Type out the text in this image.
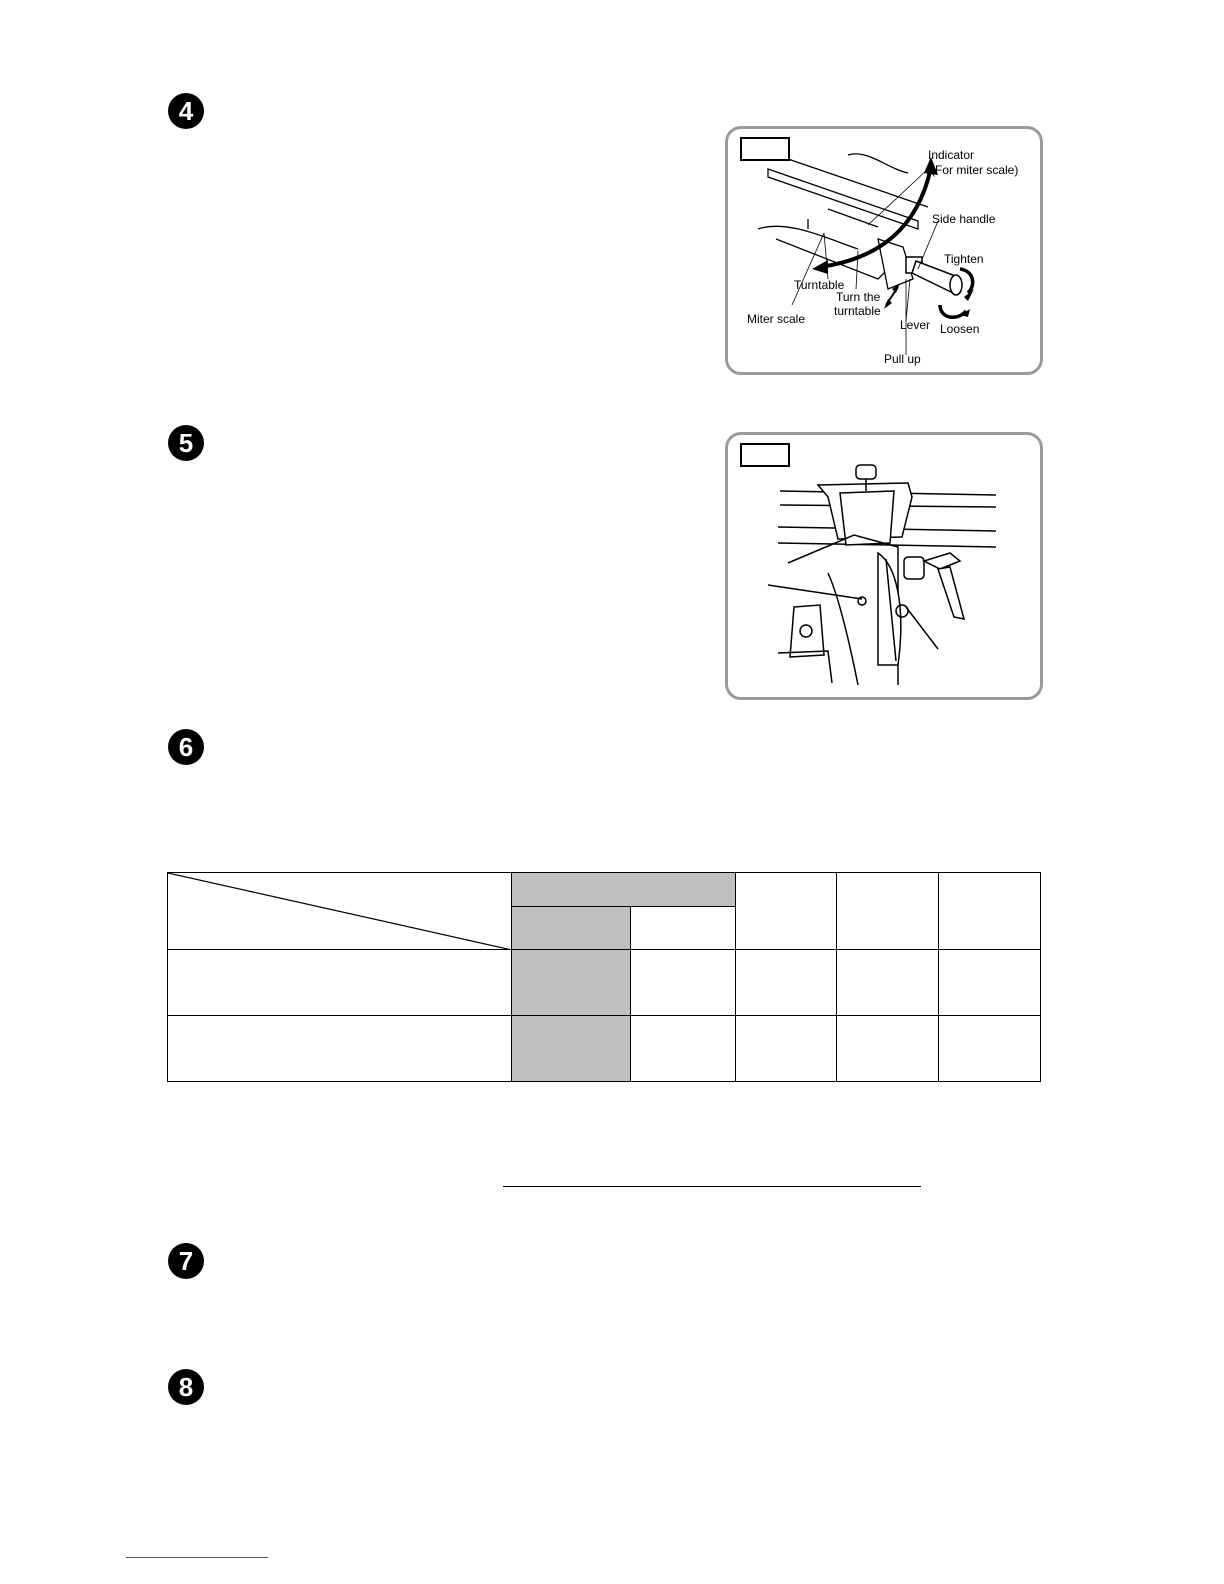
4
5
6
7
8
Indicator
(For miter scale)
Side handle
Tighten
Turntable
Turn the
turntable
Miter scale	Lever Loosen
Pull up
